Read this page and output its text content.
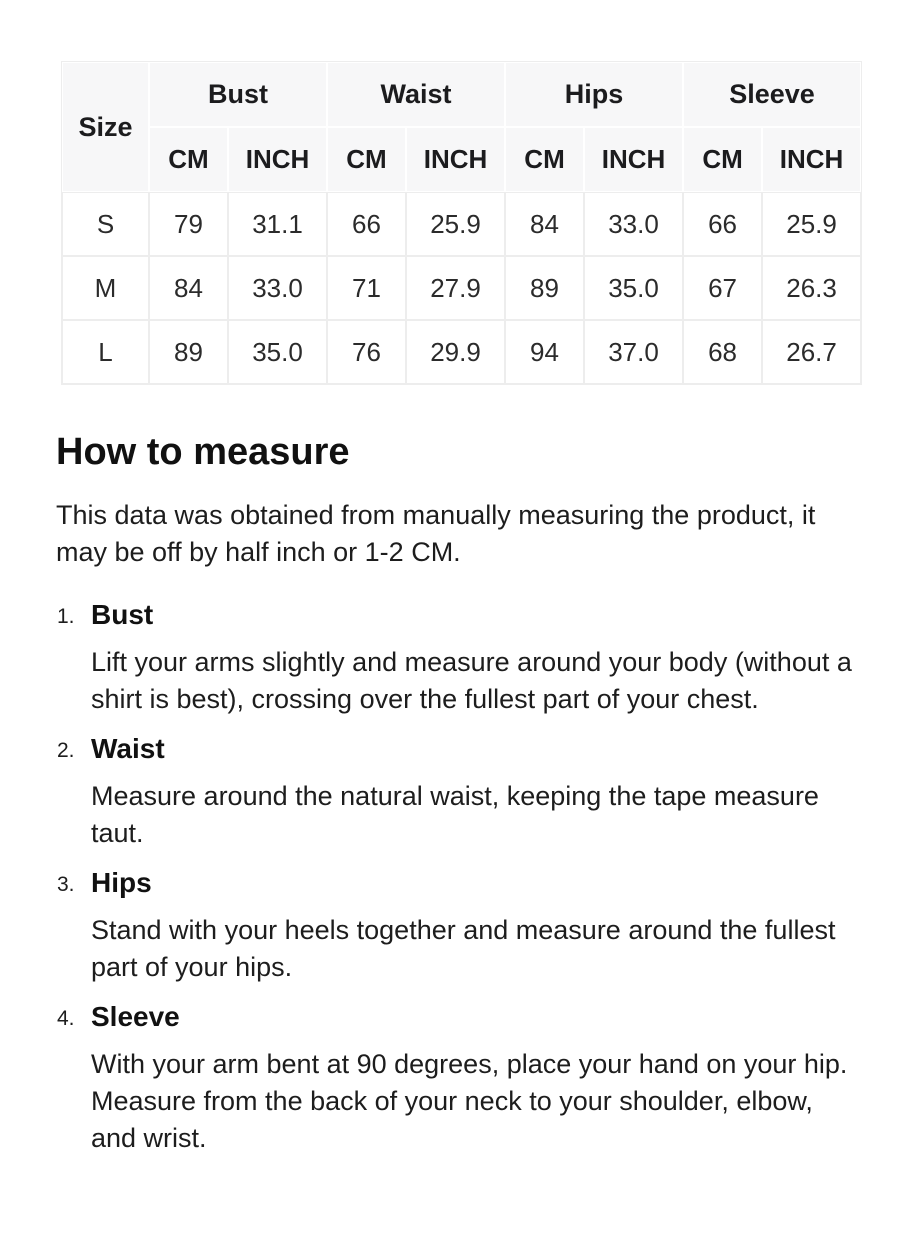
Size	Bust		Waist		Hips		Sleeve	
	CM	INCH	CM	INCH	CM	INCH	CM	INCH
S	79	31.1	66	25.9	84	33.0	66	25.9
M	84	33.0	71	27.9	89	35.0	67	26.3
L	89	35.0	76	29.9	94	37.0	68	26.7
How to measure

This data was obtained from manually measuring the product, it may be off by half inch or 1-2 CM.

1. Bust

Lift your arms slightly and measure around your body (without a shirt is best), crossing over the fullest part of your chest.

2. Waist

Measure around the natural waist, keeping the tape measure taut.

3. Hips

Stand with your heels together and measure around the fullest part of your hips.

4. Sleeve

With your arm bent at 90 degrees, place your hand on your hip. Measure from the back of your neck to your shoulder, elbow, and wrist.
